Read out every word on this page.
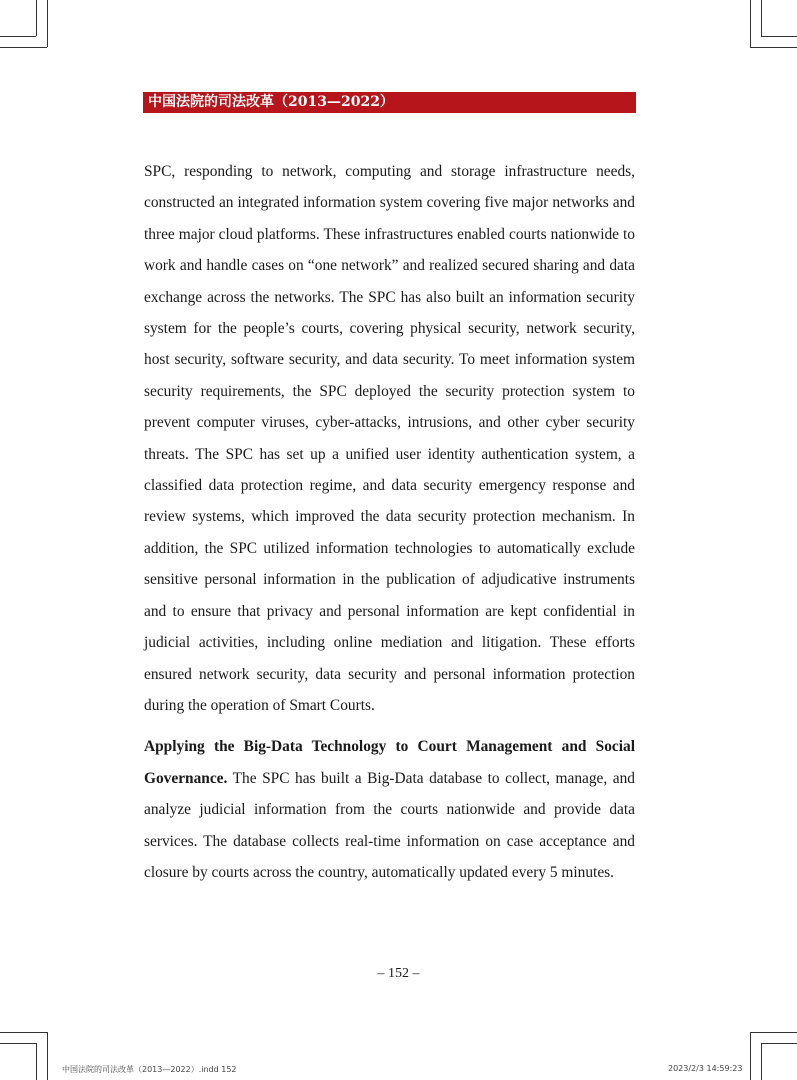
中国法院的司法改革（2013—2022）

SPC, responding to network, computing and storage infrastructure needs, constructed an integrated information system covering five major networks and three major cloud platforms. These infrastructures enabled courts nationwide to work and handle cases on “one network” and realized secured sharing and data exchange across the networks. The SPC has also built an information security system for the people’s courts, covering physical security, network security, host security, software security, and data security. To meet information system security requirements, the SPC deployed the security protection system to prevent computer viruses, cyber-attacks, intrusions, and other cyber security threats. The SPC has set up a unified user identity authentication system, a classified data protection regime, and data security emergency response and review systems, which improved the data security protection mechanism. In addition, the SPC utilized information technologies to automatically exclude sensitive personal information in the publication of adjudicative instruments and to ensure that privacy and personal information are kept confidential in judicial activities, including online mediation and litigation. These efforts ensured network security, data security and personal information protection during the operation of Smart Courts.

Applying the Big-Data Technology to Court Management and Social Governance. The SPC has built a Big-Data database to collect, manage, and analyze judicial information from the courts nationwide and provide data services. The database collects real-time information on case acceptance and closure by courts across the country, automatically updated every 5 minutes.

– 152 –
中国法院的司法改革（2013—2022）.indd 152	2023/2/3 14:59:23
